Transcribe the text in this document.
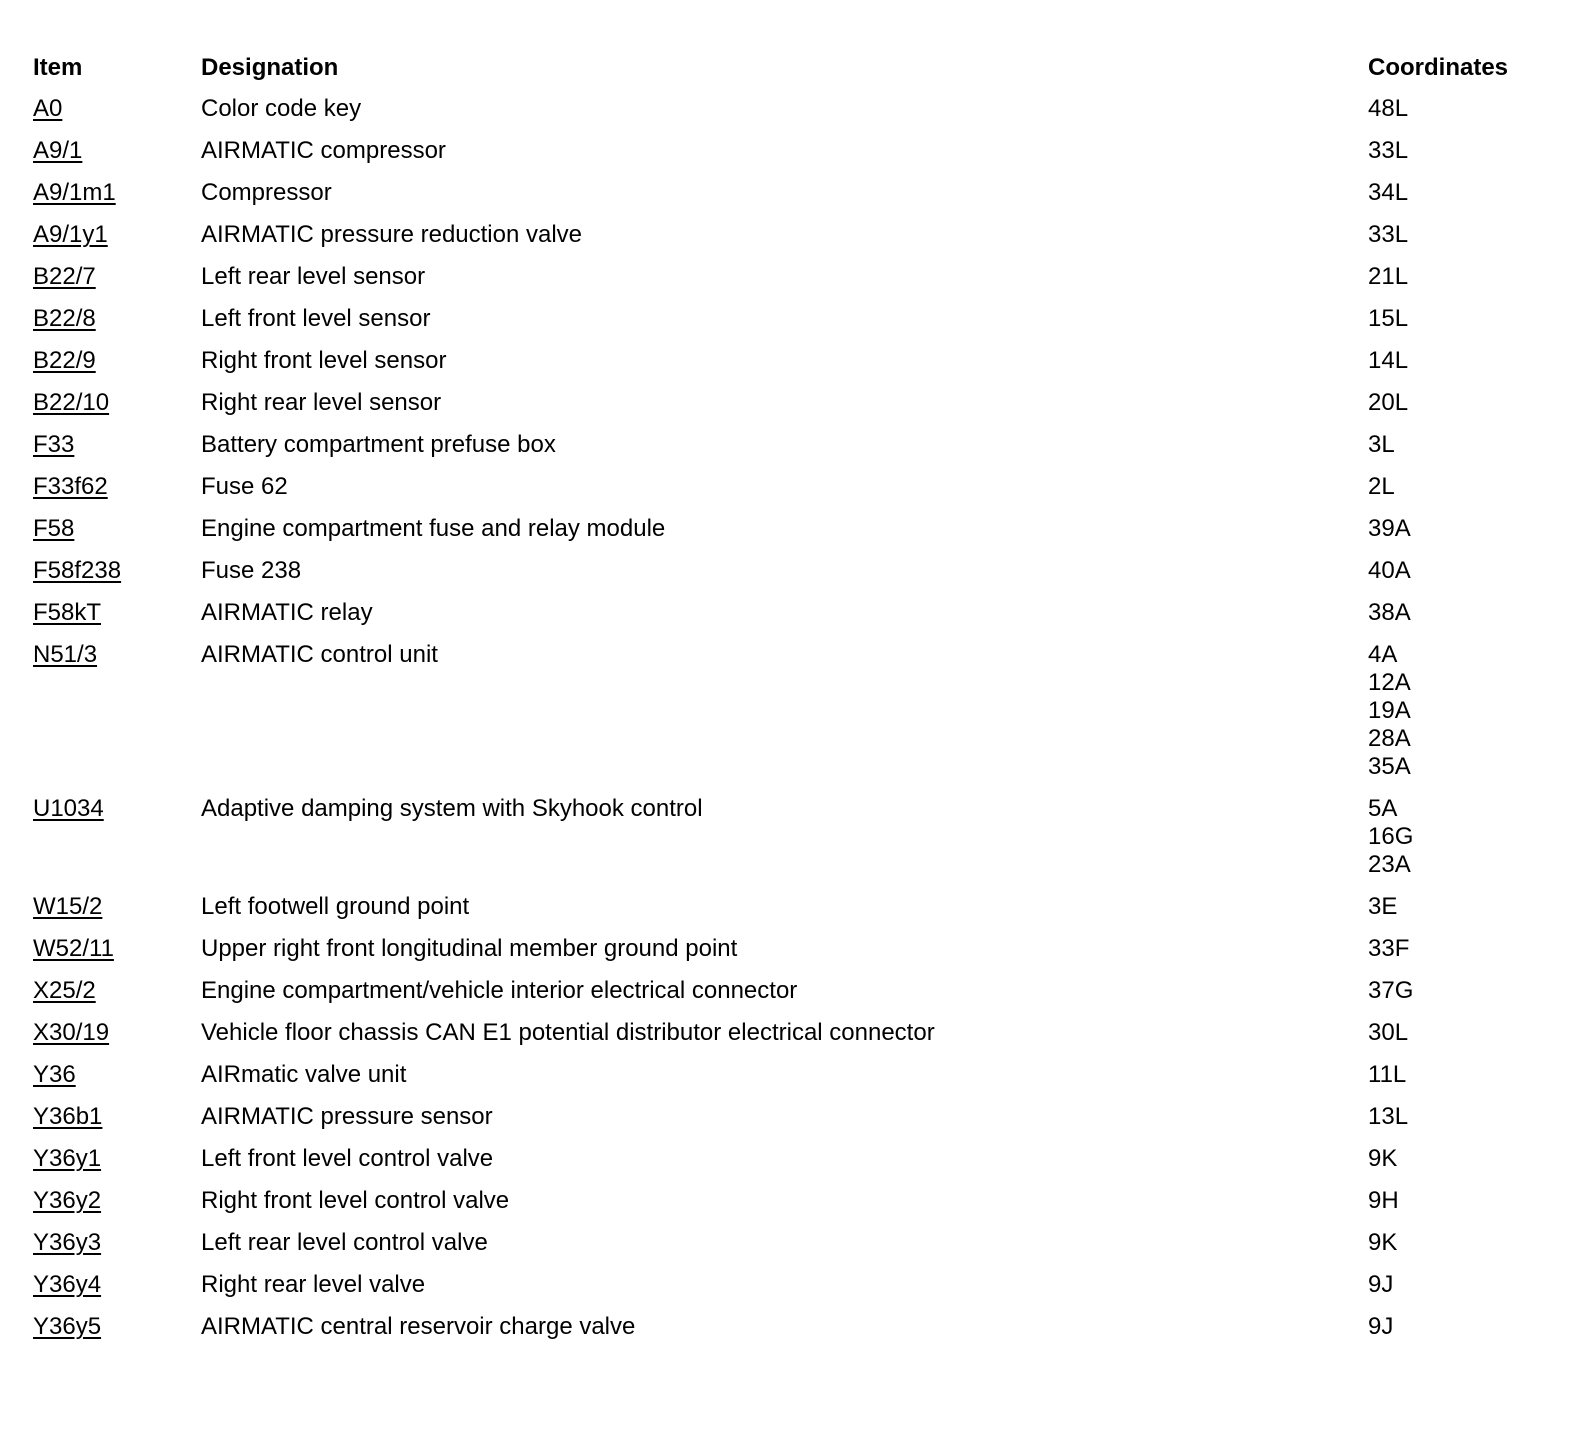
Item	Designation	Coordinates
A0	Color code key	48L

A9/1	AIRMATIC compressor	33L

A9/1m1	Compressor	34L

A9/1y1	AIRMATIC pressure reduction valve	33L

B22/7	Left rear level sensor	21L

B22/8	Left front level sensor	15L

B22/9	Right front level sensor	14L

B22/10	Right rear level sensor	20L

F33	Battery compartment prefuse box	3L

F33f62	Fuse 62	2L

F58	Engine compartment fuse and relay module	39A

F58f238	Fuse 238	40A

F58kT	AIRMATIC relay	38A

N51/3	AIRMATIC control unit	4A
12A
19A
28A
35A

U1034	Adaptive damping system with Skyhook control	5A
16G
23A

W15/2	Left footwell ground point	3E

W52/11	Upper right front longitudinal member ground point	33F

X25/2	Engine compartment/vehicle interior electrical connector	37G

X30/19	Vehicle floor chassis CAN E1 potential distributor electrical connector	30L

Y36	AIRmatic valve unit	11L

Y36b1	AIRMATIC pressure sensor	13L

Y36y1	Left front level control valve	9K

Y36y2	Right front level control valve	9H

Y36y3	Left rear level control valve	9K

Y36y4	Right rear level valve	9J

Y36y5	AIRMATIC central reservoir charge valve	9J
